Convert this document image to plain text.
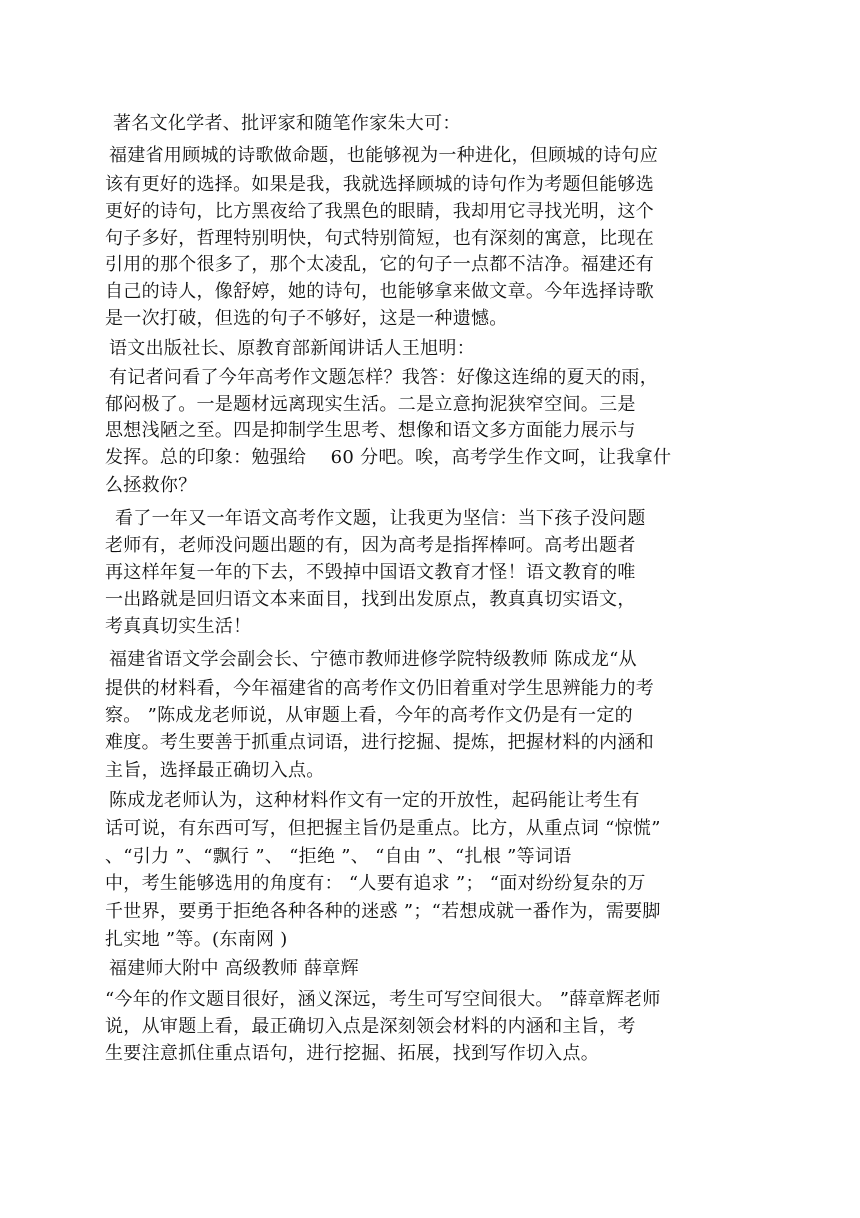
著名文化学者、批评家和随笔作家朱大可：
福建省用顾城的诗歌做命题，也能够视为一种进化，但顾城的诗句应
该有更好的选择。如果是我，我就选择顾城的诗句作为考题但能够选
更好的诗句，比方黑夜给了我黑色的眼睛，我却用它寻找光明，这个
句子多好，哲理特别明快，句式特别简短，也有深刻的寓意，比现在
引用的那个很多了，那个太凌乱，它的句子一点都不洁净。福建还有
自己的诗人，像舒婷，她的诗句，也能够拿来做文章。今年选择诗歌
是一次打破，但选的句子不够好，这是一种遗憾。
语文出版社长、原教育部新闻讲话人王旭明：
有记者问看了今年高考作文题怎样？我答：好像这连绵的夏天的雨，
郁闷极了。一是题材远离现实生活。二是立意拘泥狭窄空间。三是
思想浅陋之至。四是抑制学生思考、想像和语文多方面能力展示与
发挥。总的印象：勉强给　 60 分吧。唉，高考学生作文呵，让我拿什
么拯救你？
看了一年又一年语文高考作文题，让我更为坚信：当下孩子没问题
老师有，老师没问题出题的有，因为高考是指挥棒呵。高考出题者
再这样年复一年的下去，不毁掉中国语文教育才怪！语文教育的唯
一出路就是回归语文本来面目，找到出发原点，教真真切实语文，
考真真切实生活！
福建省语文学会副会长、宁德市教师进修学院特级教师 陈成龙“从
提供的材料看，今年福建省的高考作文仍旧着重对学生思辨能力的考
察。 ”陈成龙老师说，从审题上看，今年的高考作文仍是有一定的
难度。考生要善于抓重点词语，进行挖掘、提炼，把握材料的内涵和
主旨，选择最正确切入点。
陈成龙老师认为，这种材料作文有一定的开放性，起码能让考生有
话可说，有东西可写，但把握主旨仍是重点。比方，从重点词 “惊慌”
、“引力 ”、“飘行 ”、 “拒绝 ”、 “自由 ”、“扎根 ”等词语
中，考生能够选用的角度有： “人要有追求 ”； “面对纷纷复杂的万
千世界，要勇于拒绝各种各种的迷惑 ”；“若想成就一番作为，需要脚
扎实地 ”等。(东南网 )
福建师大附中 高级教师 薛章辉
“今年的作文题目很好，涵义深远，考生可写空间很大。 ”薛章辉老师
说，从审题上看，最正确切入点是深刻领会材料的内涵和主旨，考
生要注意抓住重点语句，进行挖掘、拓展，找到写作切入点。
